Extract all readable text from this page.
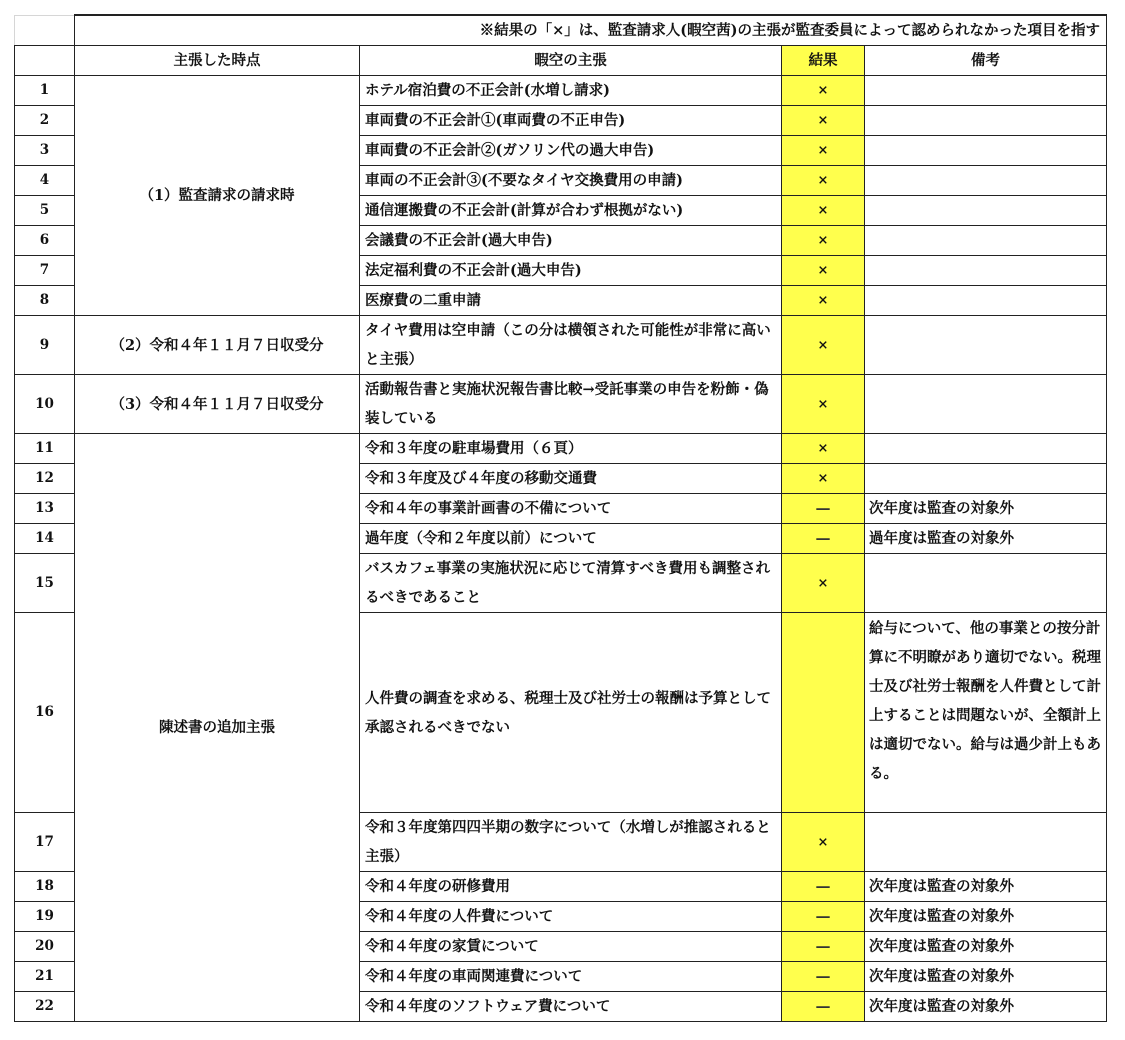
	※結果の「×」は、監査請求人(暇空茜)の主張が監査委員によって認められなかった項目を指す			
	主張した時点	暇空の主張	結果	備考
1	（1）監査請求の請求時	ホテル宿泊費の不正会計(水増し請求)	×	
2		車両費の不正会計①(車両費の不正申告)	×	
3		車両費の不正会計②(ガソリン代の過大申告)	×	
4		車両の不正会計③(不要なタイヤ交換費用の申請)	×	
5		通信運搬費の不正会計(計算が合わず根拠がない)	×	
6		会議費の不正会計(過大申告)	×	
7		法定福利費の不正会計(過大申告)	×	
8		医療費の二重申請	×	
9	（2）令和４年１１月７日収受分	タイヤ費用は空申請（この分は横領された可能性が非常に高いと主張）	×	
10	（3）令和４年１１月７日収受分	活動報告書と実施状況報告書比較→受託事業の申告を粉飾・偽装している	×	
11	陳述書の追加主張	令和３年度の駐車場費用（６頁）	×	
12		令和３年度及び４年度の移動交通費	×	
13		令和４年の事業計画書の不備について	—	次年度は監査の対象外
14		過年度（令和２年度以前）について	—	過年度は監査の対象外
15		バスカフェ事業の実施状況に応じて清算すべき費用も調整されるべきであること	×	
16		人件費の調査を求める、税理士及び社労士の報酬は予算として承認されるべきでない		給与について、他の事業との按分計算に不明瞭があり適切でない。税理士及び社労士報酬を人件費として計上することは問題ないが、全額計上は適切でない。給与は過少計上もある。
17		令和３年度第四四半期の数字について（水増しが推認されると主張）	×	
18		令和４年度の研修費用	—	次年度は監査の対象外
19		令和４年度の人件費について	—	次年度は監査の対象外
20		令和４年度の家賃について	—	次年度は監査の対象外
21		令和４年度の車両関連費について	—	次年度は監査の対象外
22		令和４年度のソフトウェア費について	—	次年度は監査の対象外
